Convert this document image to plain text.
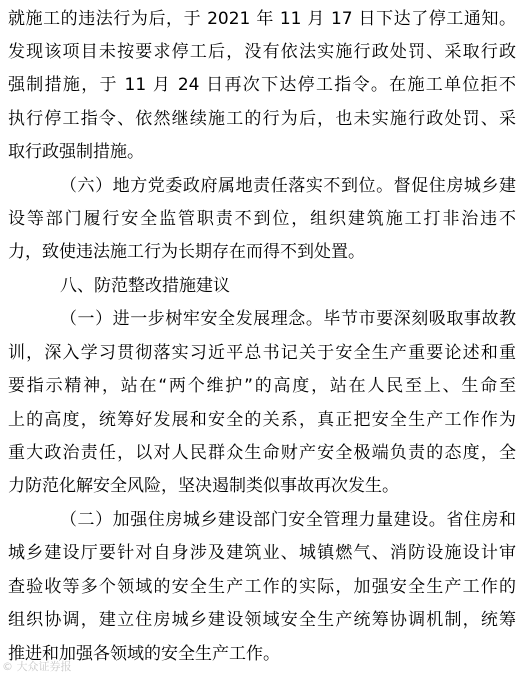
就施工的违法行为后，于 2021 年 11 月 17 日下达了停工通知。
发现该项目未按要求停工后，没有依法实施行政处罚、采取行政
强制措施，于 11 月 24 日再次下达停工指令。在施工单位拒不
执行停工指令、依然继续施工的行为后，也未实施行政处罚、采
取行政强制措施。
（六）地方党委政府属地责任落实不到位。督促住房城乡建
设等部门履行安全监管职责不到位，组织建筑施工打非治违不
力，致使违法施工行为长期存在而得不到处置。
八、防范整改措施建议
（一）进一步树牢安全发展理念。毕节市要深刻吸取事故教
训，深入学习贯彻落实习近平总书记关于安全生产重要论述和重
要指示精神，站在“两个维护”的高度，站在人民至上、生命至
上的高度，统筹好发展和安全的关系，真正把安全生产工作作为
重大政治责任，以对人民群众生命财产安全极端负责的态度，全
力防范化解安全风险，坚决遏制类似事故再次发生。
（二）加强住房城乡建设部门安全管理力量建设。省住房和
城乡建设厅要针对自身涉及建筑业、城镇燃气、消防设施设计审
查验收等多个领域的安全生产工作的实际，加强安全生产工作的
组织协调，建立住房城乡建设领域安全生产统筹协调机制，统筹
推进和加强各领域的安全生产工作。
© 大众证券报
